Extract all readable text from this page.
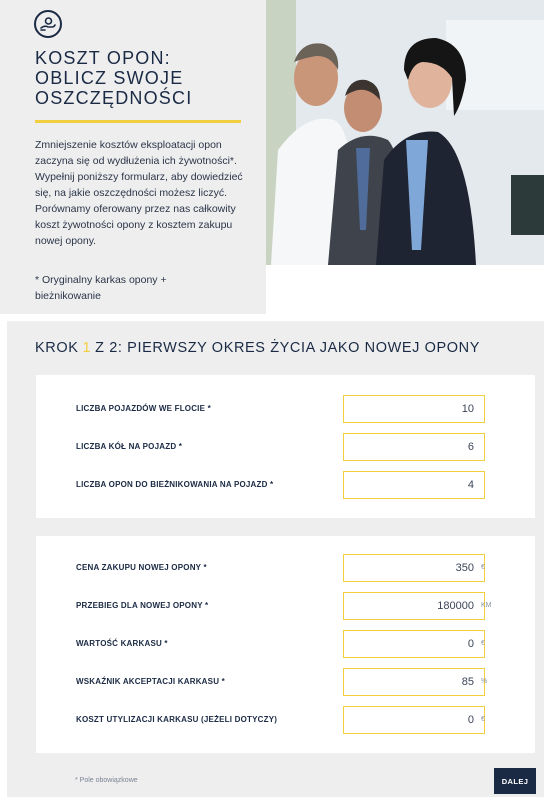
KOSZT OPON:
OBLICZ SWOJE
OSZCZĘDNOŚCI

Zmniejszenie kosztów eksploatacji opon zaczyna się od wydłużenia ich żywotności*. Wypełnij poniższy formularz, aby dowiedzieć się, na jakie oszczędności możesz liczyć. Porównamy oferowany przez nas całkowity koszt żywotności opony z kosztem zakupu nowej opony.

* Oryginalny karkas opony + bieżnikowanie

KROK 1 Z 2: PIERWSZY OKRES ŻYCIA JAKO NOWEJ OPONY
LICZBA POJAZDÓW WE FLOCIE *
10
LICZBA KÓŁ NA POJAZD *
6
LICZBA OPON DO BIEŻNIKOWANIA NA POJAZD *
4
CENA ZAKUPU NOWEJ OPONY *
350	€
PRZEBIEG DLA NOWEJ OPONY *
180000	KM
WARTOŚĆ KARKASU *
0	€
WSKAŹNIK AKCEPTACJI KARKASU *
85	%
KOSZT UTYLIZACJI KARKASU (JEŻELI DOTYCZY)
0	€
* Pole obowiązkowe	DALEJ
